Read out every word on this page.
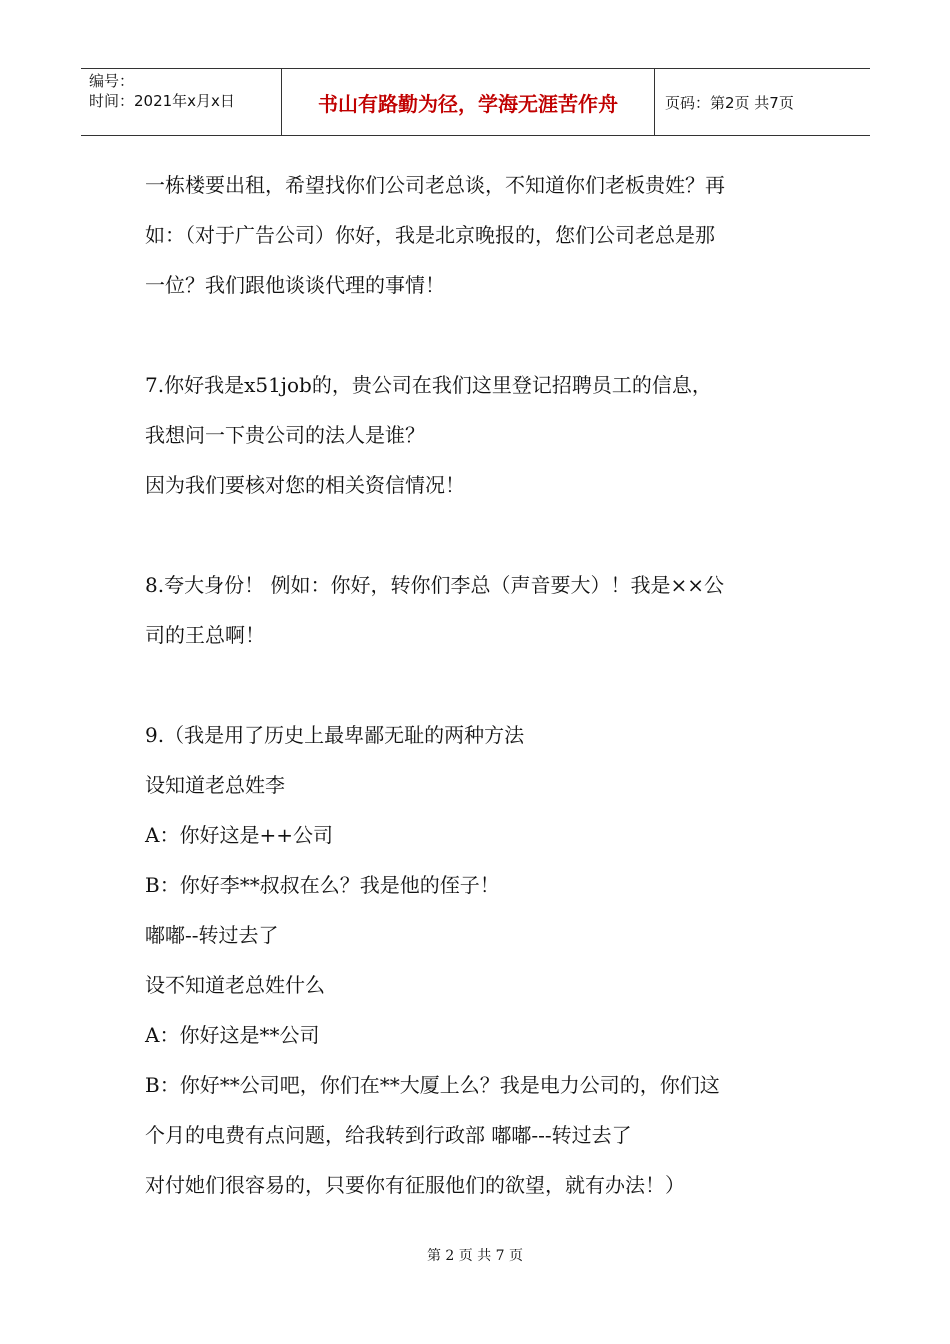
编号：
时间：2021年x月x日	书山有路勤为径，学海无涯苦作舟	页码：第2页 共7页

一栋楼要出租，希望找你们公司老总谈，不知道你们老板贵姓？再

如：（对于广告公司）你好，我是北京晚报的，您们公司老总是那

一位？我们跟他谈谈代理的事情！

7.你好我是x51job的，贵公司在我们这里登记招聘员工的信息，

我想问一下贵公司的法人是谁？

因为我们要核对您的相关资信情况！

8.夸大身份！ 例如：你好，转你们李总（声音要大）！我是××公

司的王总啊！

9.（我是用了历史上最卑鄙无耻的两种方法

设知道老总姓李

A：你好这是++公司

B：你好李**叔叔在么？我是他的侄子！

嘟嘟--转过去了

设不知道老总姓什么

A：你好这是**公司

B：你好**公司吧，你们在**大厦上么？我是电力公司的，你们这

个月的电费有点问题，给我转到行政部 嘟嘟---转过去了

对付她们很容易的，只要你有征服他们的欲望，就有办法！）

第 2 页 共 7 页
